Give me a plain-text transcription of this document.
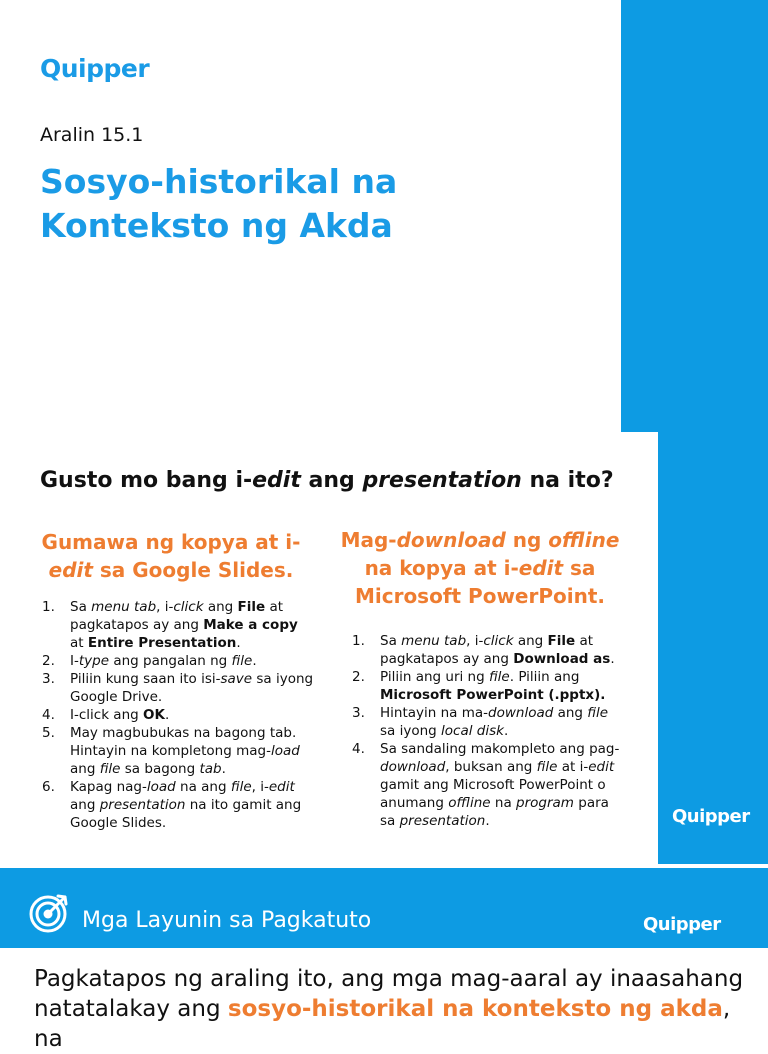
Quipper
Aralin 15.1
Sosyo-historikal na
Konteksto ng Akda
Gusto mo bang i-edit ang presentation na ito?
Gumawa ng kopya at i-
edit sa Google Slides.
1. Sa menu tab, i-click ang File at pagkatapos ay ang Make a copy at Entire Presentation.
2. I-type ang pangalan ng file.
3. Piliin kung saan ito isi-save sa iyong Google Drive.
4. I-click ang OK.
5. May magbubukas na bagong tab. Hintayin na kompletong mag-load ang file sa bagong tab.
6. Kapag nag-load na ang file, i-edit ang presentation na ito gamit ang Google Slides.
Mag-download ng offline
na kopya at i-edit sa Microsoft PowerPoint.
1. Sa menu tab, i-click ang File at pagkatapos ay ang Download as.
2. Piliin ang uri ng file. Piliin ang Microsoft PowerPoint (.pptx).
3. Hintayin na ma-download ang file sa iyong local disk.
4. Sa sandaling makompleto ang pag-download, buksan ang file at i-edit gamit ang Microsoft PowerPoint o anumang offline na program para sa presentation.	Quipper
Mga Layunin sa Pagkatuto	Quipper
Pagkatapos ng araling ito, ang mga mag-aaral ay inaasahang natatalakay ang sosyo-historikal na konteksto ng akda, na
